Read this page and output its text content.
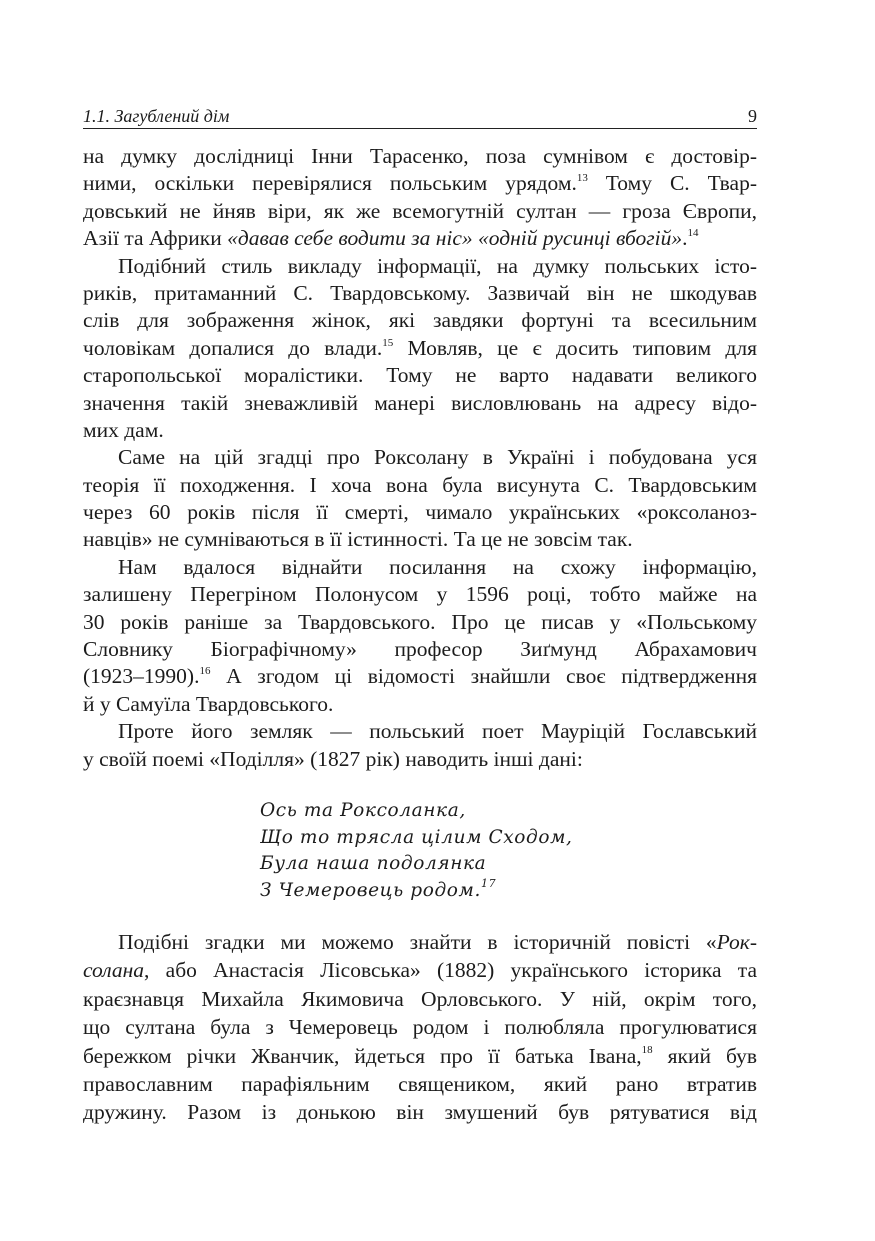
1.1. Загублений дім	9
на думку дослідниці Інни Тарасенко, поза сумнівом є достовір-
ними, оскільки перевірялися польським урядом.$^{13}$ Тому С. Твар-
довський не йняв віри, як же всемогутній султан — гроза Європи,
Азії та Африки «давав себе водити за ніс» «одній русинці вбогій».$^{14}$
Подібний стиль викладу інформації, на думку польських істо-
риків, притаманний С. Твардовському. Зазвичай він не шкодував
слів для зображення жінок, які завдяки фортуні та всесильним
чоловікам допалися до влади.$^{15}$ Мовляв, це є досить типовим для
старопольської моралістики. Тому не варто надавати великого
значення такій зневажливій манері висловлювань на адресу відо-
мих дам.
Саме на цій згадці про Роксолану в Україні і побудована уся
теорія її походження. І хоча вона була висунута С. Твардовським
через 60 років після її смерті, чимало українських «роксоланоз-
навців» не сумніваються в її істинності. Та це не зовсім так.
Нам вдалося віднайти посилання на схожу інформацію,
залишену Перегріном Полонусом у 1596 році, тобто майже на
30 років раніше за Твардовського. Про це писав у «Польському
Словнику Біографічному» професор Зиґмунд Абрахамович
(1923–1990).$^{16}$ А згодом ці відомості знайшли своє підтвердження
й у Самуїла Твардовського.
Проте його земляк — польський поет Мауріцій Гославський
у своїй поемі «Поділля» (1827 рік) наводить інші дані:
Ось та Роксоланка,
Що то трясла цілим Сходом,
Була наша подолянка
З Чемеровець родом.$^{17}$
Подібні згадки ми можемо знайти в історичній повісті «Рок-
солана, або Анастасія Лісовська» (1882) українського історика та
краєзнавця Михайла Якимовича Орловського. У ній, окрім того,
що султана була з Чемеровець родом і полюбляла прогулюватися
бережком річки Жванчик, йдеться про її батька Івана,$^{18}$ який був
православним парафіяльним священиком, який рано втратив
дружину. Разом із донькою він змушений був рятуватися від
